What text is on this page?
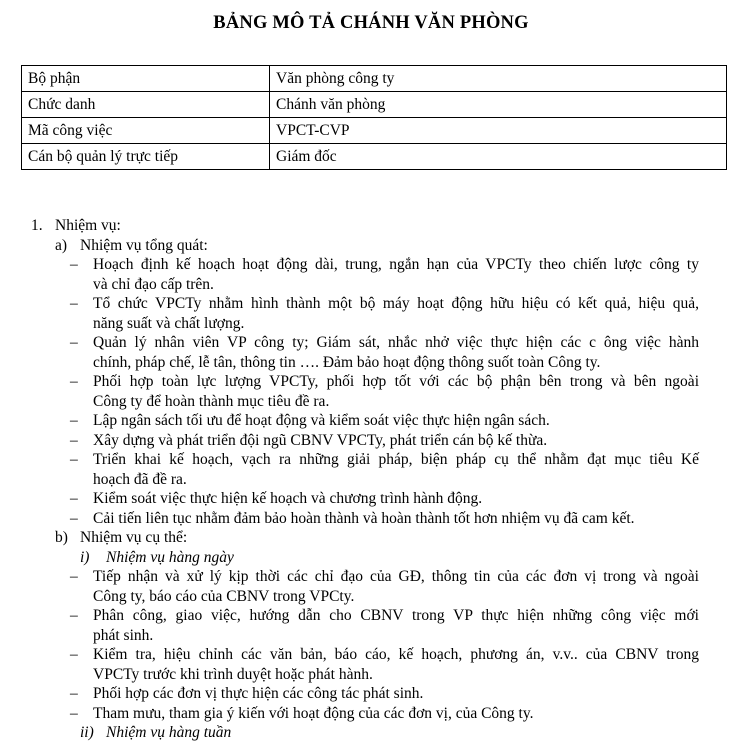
BẢNG MÔ TẢ CHÁNH VĂN PHÒNG
Bộ phận	Văn phòng công ty
Chức danh	Chánh văn phòng
Mã công việc	VPCT-CVP
Cán bộ quản lý trực tiếp	Giám đốc
1. Nhiệm vụ:
a) Nhiệm vụ tổng quát:
– Hoạch định kế hoạch hoạt động dài, trung, ngắn hạn của VPCTy theo chiến lược công ty
và chỉ đạo cấp trên.
– Tổ chức VPCTy nhằm hình thành một bộ máy hoạt động hữu hiệu có kết quả, hiệu quả,
năng suất và chất lượng.
– Quản lý nhân viên VP công ty; Giám sát, nhắc nhở việc thực hiện các c ông việc hành
chính, pháp chế, lễ tân, thông tin …. Đảm bảo hoạt động thông suốt toàn Công ty.
– Phối hợp toàn lực lượng VPCTy, phối hợp tốt với các bộ phận bên trong và bên ngoài
Công ty để hoàn thành mục tiêu đề ra.
– Lập ngân sách tối ưu để hoạt động và kiểm soát việc thực hiện ngân sách.
– Xây dựng và phát triển đội ngũ CBNV VPCTy, phát triển cán bộ kế thừa.
– Triển khai kế hoạch, vạch ra những giải pháp, biện pháp cụ thể nhằm đạt mục tiêu Kế
hoạch đã đề ra.
– Kiểm soát việc thực hiện kế hoạch và chương trình hành động.
– Cải tiến liên tục nhằm đảm bảo hoàn thành và hoàn thành tốt hơn nhiệm vụ đã cam kết.
b) Nhiệm vụ cụ thể:
i) Nhiệm vụ hàng ngày
– Tiếp nhận và xử lý kịp thời các chỉ đạo của GĐ, thông tin của các đơn vị trong và ngoài
Công ty, báo cáo của CBNV trong VPCty.
– Phân công, giao việc, hướng dẫn cho CBNV trong VP thực hiện những công việc mới
phát sinh.
– Kiểm tra, hiệu chỉnh các văn bản, báo cáo, kế hoạch, phương án, v.v.. của CBNV trong
VPCTy trước khi trình duyệt hoặc phát hành.
– Phối hợp các đơn vị thực hiện các công tác phát sinh.
– Tham mưu, tham gia ý kiến với hoạt động của các đơn vị, của Công ty.
ii) Nhiệm vụ hàng tuần
